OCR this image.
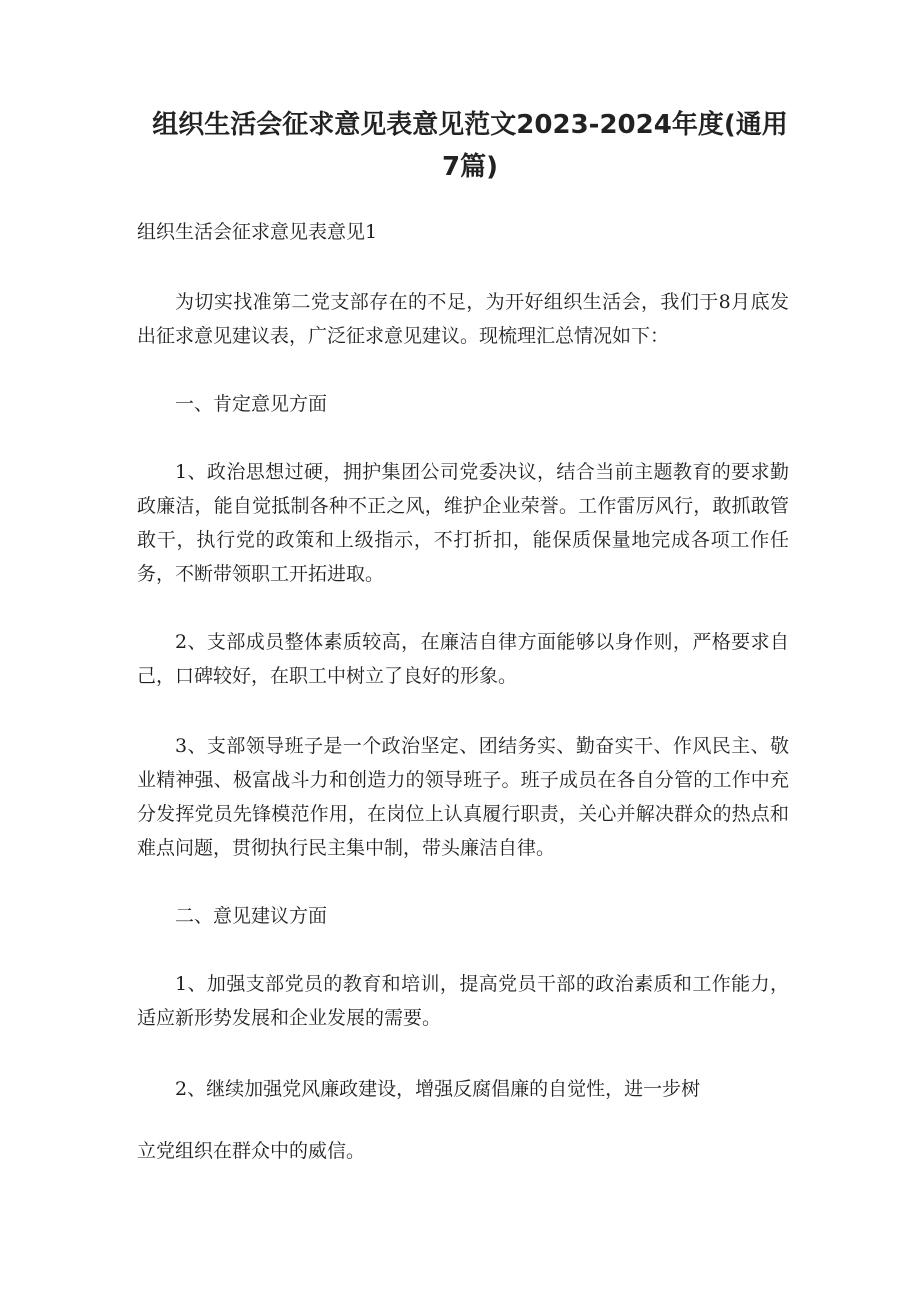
组织生活会征求意见表意见范文2023-2024年度(通用7篇)

组织生活会征求意见表意见1

为切实找准第二党支部存在的不足，为开好组织生活会，我们于8月底发出征求意见建议表，广泛征求意见建议。现梳理汇总情况如下：

一、肯定意见方面

1、政治思想过硬，拥护集团公司党委决议，结合当前主题教育的要求勤政廉洁，能自觉抵制各种不正之风，维护企业荣誉。工作雷厉风行，敢抓敢管敢干，执行党的政策和上级指示，不打折扣，能保质保量地完成各项工作任务，不断带领职工开拓进取。

2、支部成员整体素质较高，在廉洁自律方面能够以身作则，严格要求自己，口碑较好，在职工中树立了良好的形象。

3、支部领导班子是一个政治坚定、团结务实、勤奋实干、作风民主、敬业精神强、极富战斗力和创造力的领导班子。班子成员在各自分管的工作中充分发挥党员先锋模范作用，在岗位上认真履行职责，关心并解决群众的热点和难点问题，贯彻执行民主集中制，带头廉洁自律。

二、意见建议方面

1、加强支部党员的教育和培训，提高党员干部的政治素质和工作能力，适应新形势发展和企业发展的需要。

2、继续加强党风廉政建设，增强反腐倡廉的自觉性，进一步树

立党组织在群众中的威信。
